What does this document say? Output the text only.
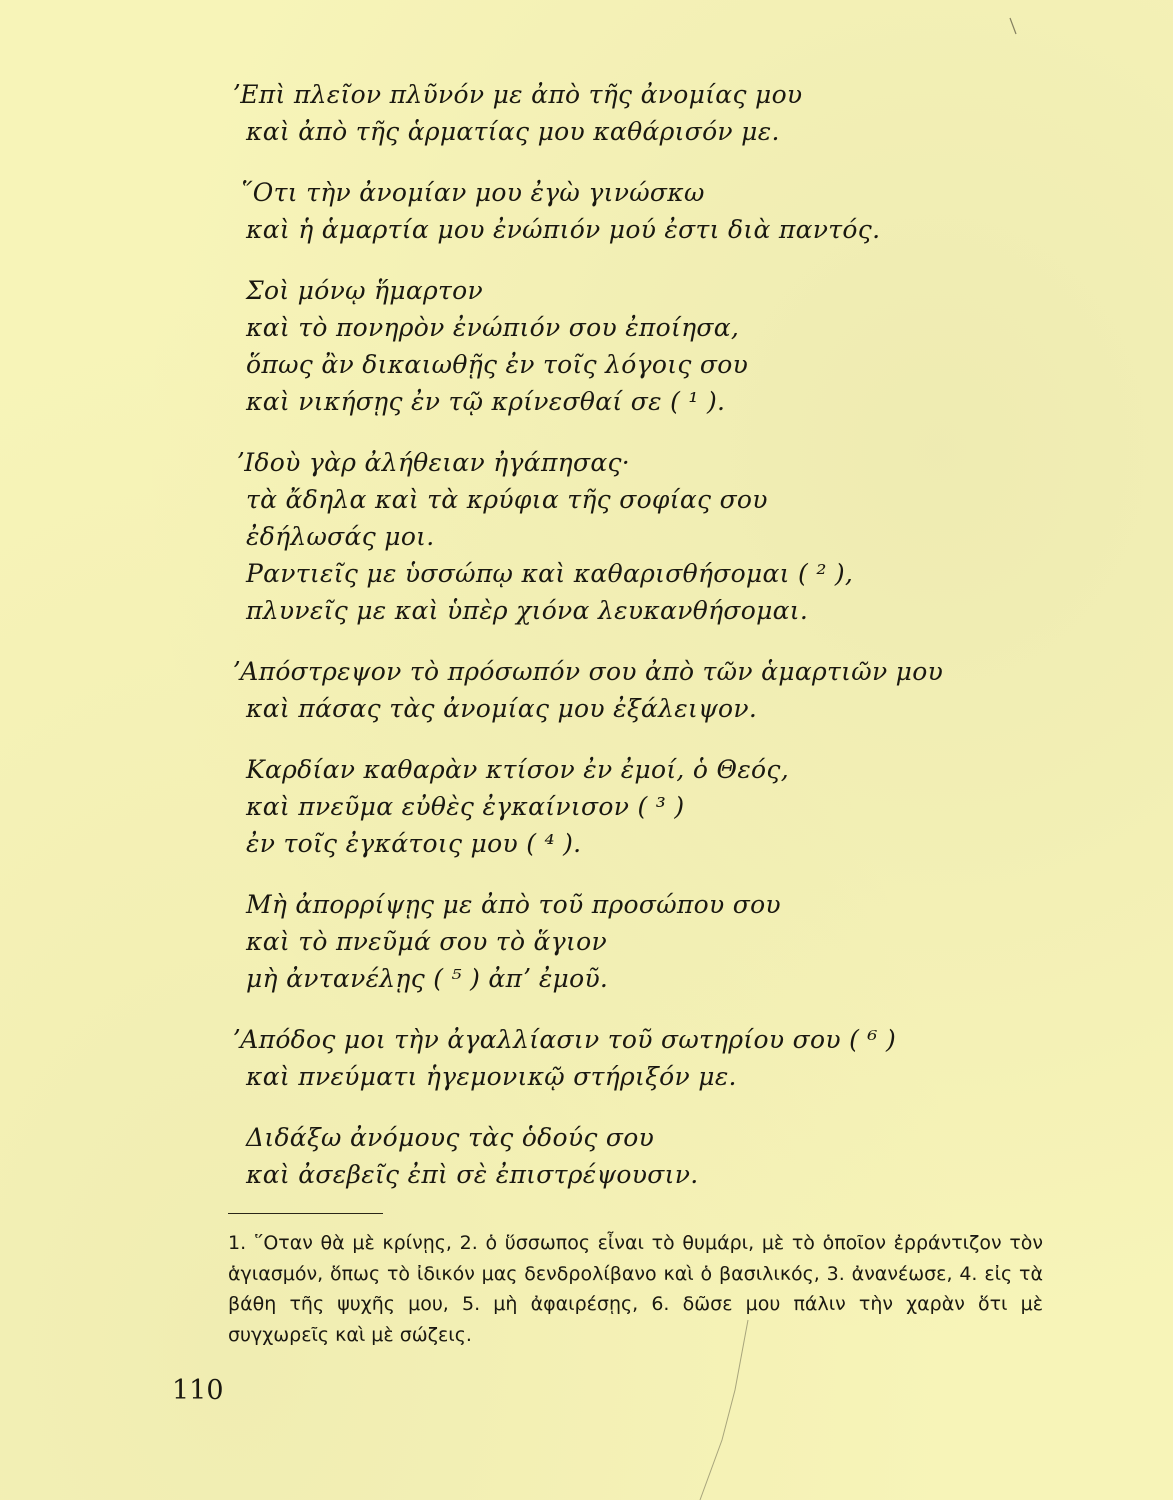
ʼΕπὶ πλεῖον πλῦνόν με ἀπὸ τῆς ἀνομίας μου
καὶ ἀπὸ τῆς ἁρματίας μου καθάρισόν με.
῞Οτι τὴν ἀνομίαν μου ἐγὼ γινώσκω
καὶ ἡ ἁμαρτία μου ἐνώπιόν μού ἐστι διὰ παντός.
Σοὶ μόνῳ ἥμαρτον
καὶ τὸ πονηρὸν ἐνώπιόν σου ἐποίησα,
ὅπως ἂν δικαιωθῇς ἐν τοῖς λόγοις σου
καὶ νικήσῃς ἐν τῷ κρίνεσθαί σε ( ¹ ).
ʼΙδοὺ γὰρ ἀλήθειαν ἠγάπησας·
τὰ ἄδηλα καὶ τὰ κρύφια τῆς σοφίας σου
ἐδήλωσάς μοι.
Ραντιεῖς με ὑσσώπῳ καὶ καθαρισθήσομαι ( ² ),
πλυνεῖς με καὶ ὑπὲρ χιόνα λευκανθήσομαι.
ʼΑπόστρεψον τὸ πρόσωπόν σου ἀπὸ τῶν ἁμαρτιῶν μου
καὶ πάσας τὰς ἀνομίας μου ἐξάλειψον.
Καρδίαν καθαρὰν κτίσον ἐν ἐμοί, ὁ Θεός,
καὶ πνεῦμα εὐθὲς ἐγκαίνισον ( ³ )
ἐν τοῖς ἐγκάτοις μου ( ⁴ ).
Μὴ ἀπορρίψῃς με ἀπὸ τοῦ προσώπου σου
καὶ τὸ πνεῦμά σου τὸ ἅγιον
μὴ ἀντανέλῃς ( ⁵ ) ἀπʼ ἐμοῦ.
ʼΑπόδος μοι τὴν ἀγαλλίασιν τοῦ σωτηρίου σου ( ⁶ )
καὶ πνεύματι ἡγεμονικῷ στήριξόν με.
Διδάξω ἀνόμους τὰς ὁδούς σου
καὶ ἀσεβεῖς ἐπὶ σὲ ἐπιστρέψουσιν.
1. ῞Οταν θὰ μὲ κρίνῃς, 2. ὁ ὕσσωπος εἶναι τὸ θυμάρι, μὲ τὸ ὁποῖον ἐρράντιζον τὸν ἁγιασμόν, ὅπως τὸ ἰδικόν μας δενδρολίβανο καὶ ὁ βασιλικός, 3. ἀνανέωσε, 4. εἰς τὰ βάθη τῆς ψυχῆς μου, 5. μὴ ἀφαιρέσῃς, 6. δῶσε μου πάλιν τὴν χαρὰν ὅτι μὲ συγχωρεῖς καὶ μὲ σώζεις.
110
